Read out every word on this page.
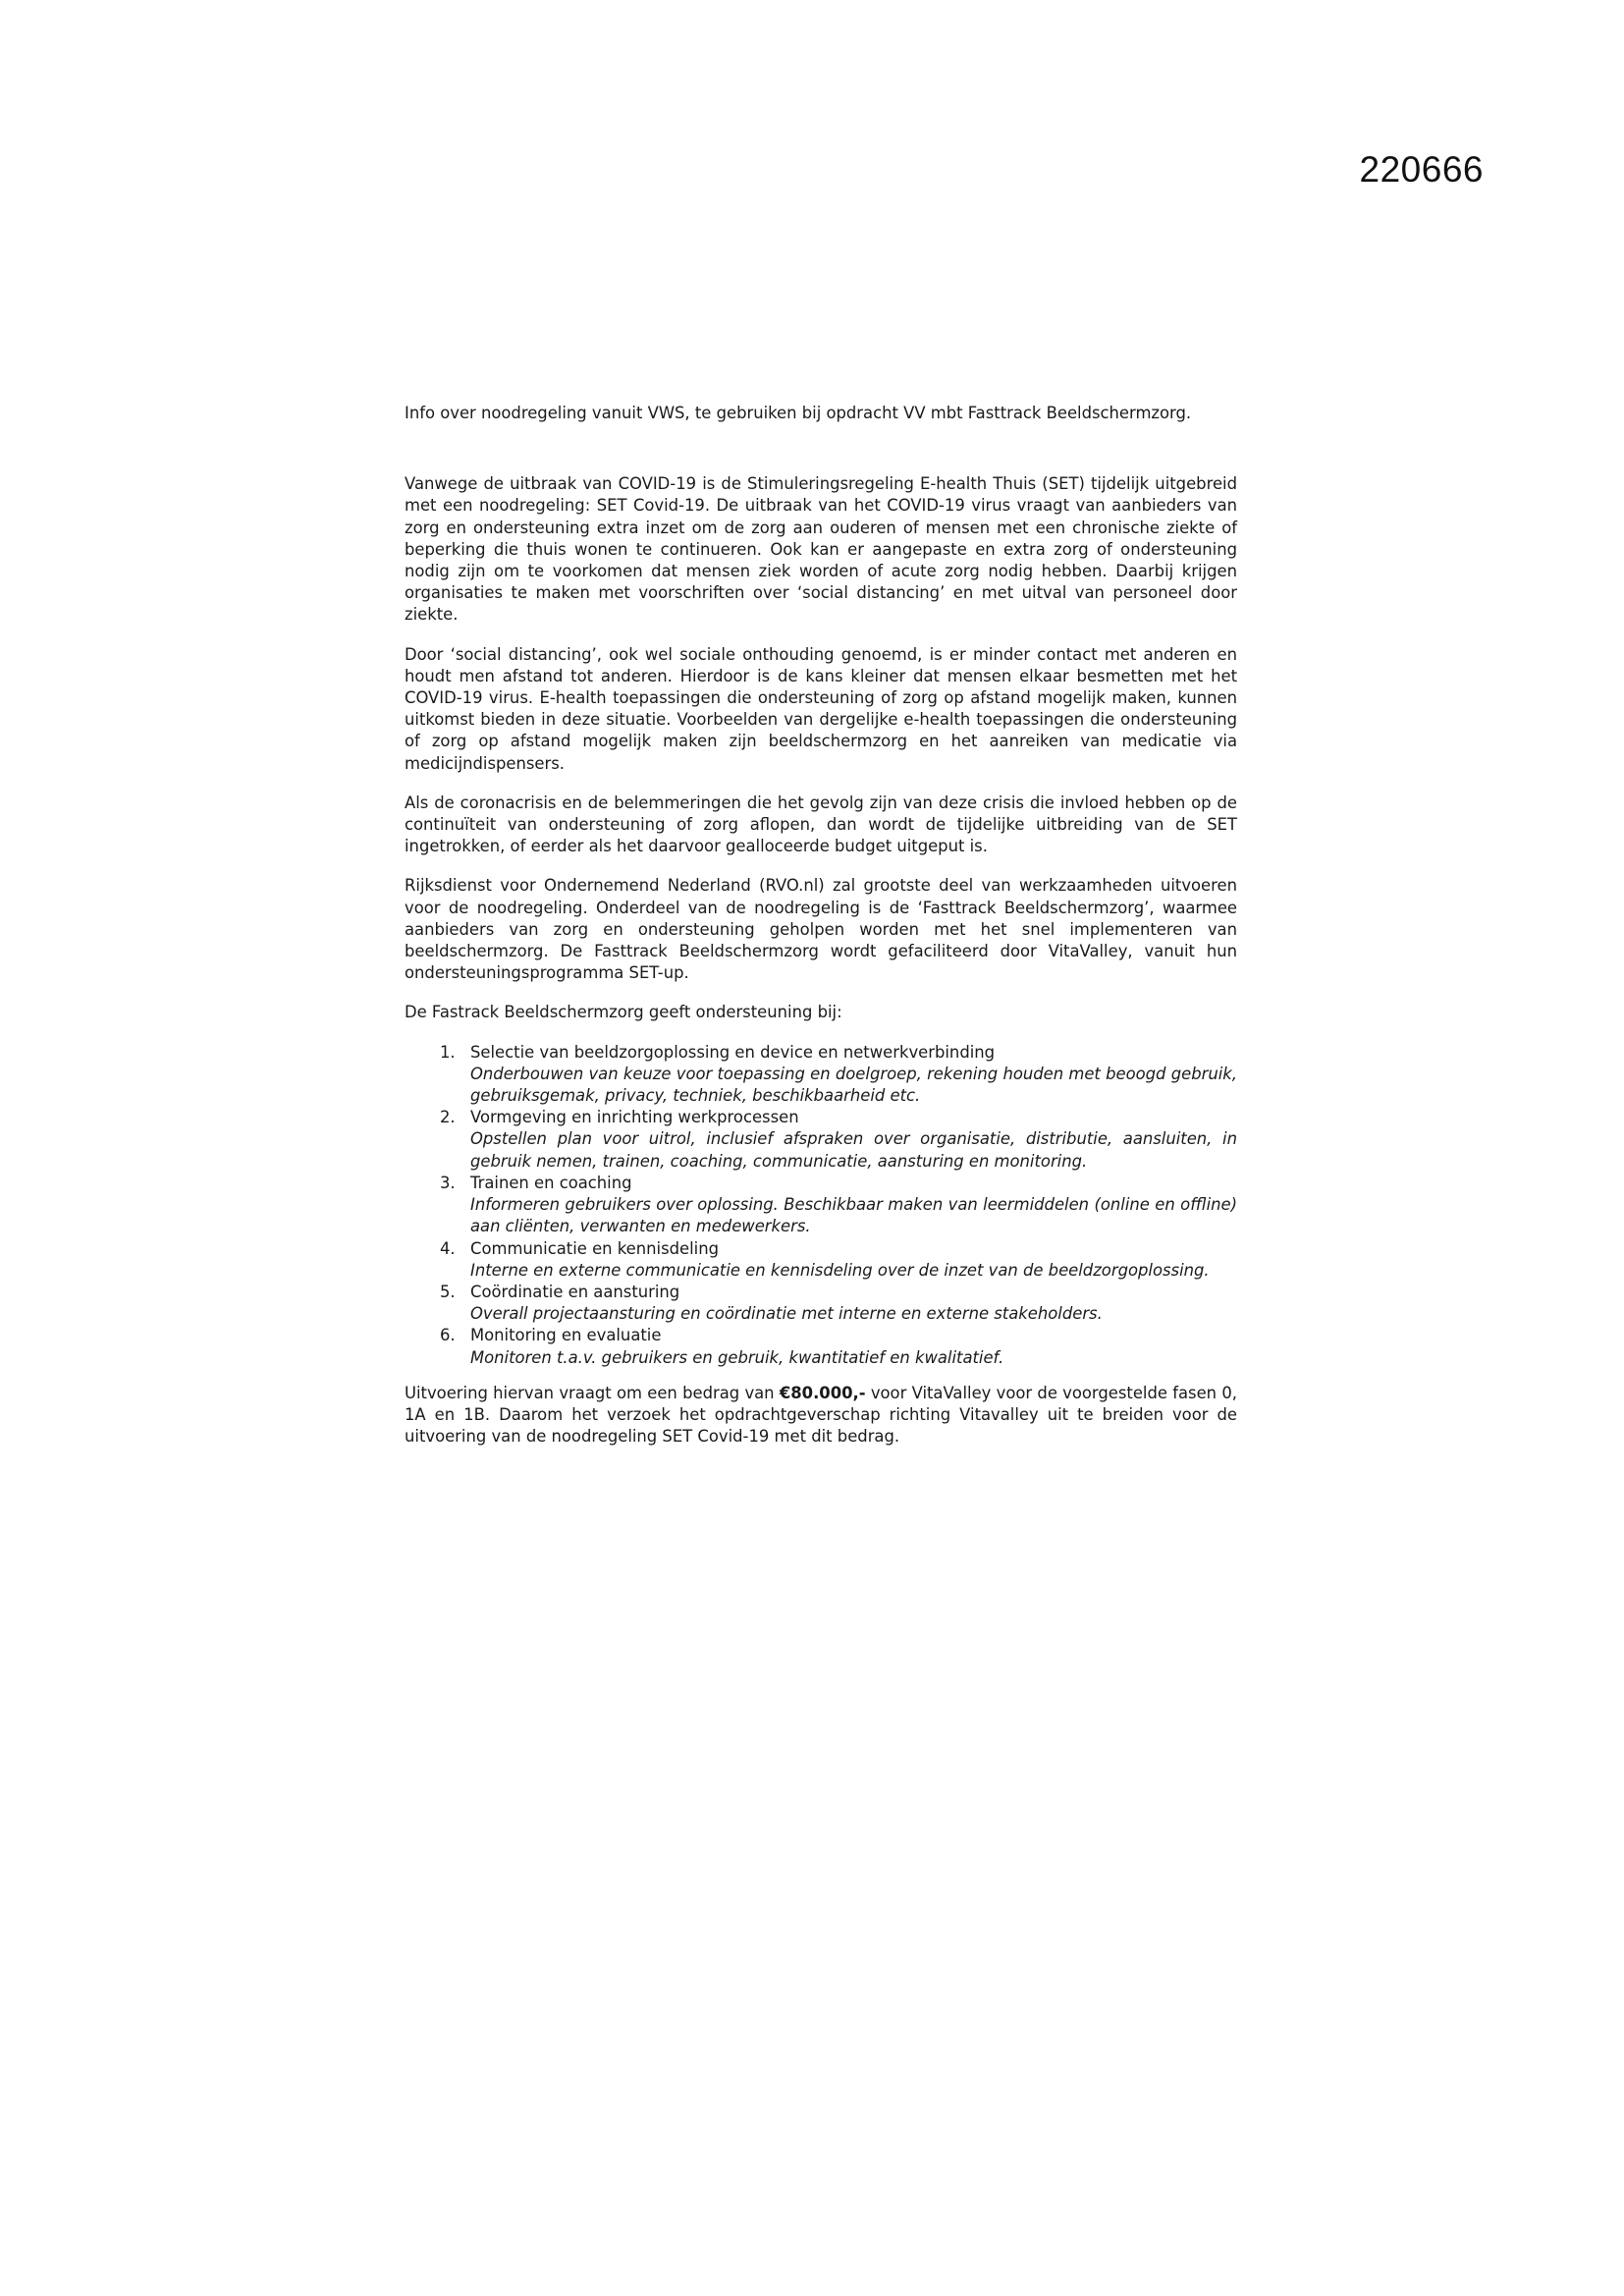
220666

Info over noodregeling vanuit VWS, te gebruiken bij opdracht VV mbt Fasttrack Beeldschermzorg.

Vanwege de uitbraak van COVID-19 is de Stimuleringsregeling E-health Thuis (SET) tijdelijk uitgebreid met een noodregeling: SET Covid-19. De uitbraak van het COVID-19 virus vraagt van aanbieders van zorg en ondersteuning extra inzet om de zorg aan ouderen of mensen met een chronische ziekte of beperking die thuis wonen te continueren. Ook kan er aangepaste en extra zorg of ondersteuning nodig zijn om te voorkomen dat mensen ziek worden of acute zorg nodig hebben. Daarbij krijgen organisaties te maken met voorschriften over ‘social distancing’ en met uitval van personeel door ziekte.

Door ‘social distancing’, ook wel sociale onthouding genoemd, is er minder contact met anderen en houdt men afstand tot anderen. Hierdoor is de kans kleiner dat mensen elkaar besmetten met het COVID-19 virus. E-health toepassingen die ondersteuning of zorg op afstand mogelijk maken, kunnen uitkomst bieden in deze situatie. Voorbeelden van dergelijke e-health toepassingen die ondersteuning of zorg op afstand mogelijk maken zijn beeldschermzorg en het aanreiken van medicatie via medicijndispensers.

Als de coronacrisis en de belemmeringen die het gevolg zijn van deze crisis die invloed hebben op de continuïteit van ondersteuning of zorg aflopen, dan wordt de tijdelijke uitbreiding van de SET ingetrokken, of eerder als het daarvoor gealloceerde budget uitgeput is.

Rijksdienst voor Ondernemend Nederland (RVO.nl) zal grootste deel van werkzaamheden uitvoeren voor de noodregeling. Onderdeel van de noodregeling is de ‘Fasttrack Beeldschermzorg’, waarmee aanbieders van zorg en ondersteuning geholpen worden met het snel implementeren van beeldschermzorg. De Fasttrack Beeldschermzorg wordt gefaciliteerd door VitaValley, vanuit hun ondersteuningsprogramma SET-up.

De Fastrack Beeldschermzorg geeft ondersteuning bij:

1. Selectie van beeldzorgoplossing en device en netwerkverbinding
Onderbouwen van keuze voor toepassing en doelgroep, rekening houden met beoogd gebruik, gebruiksgemak, privacy, techniek, beschikbaarheid etc.
2. Vormgeving en inrichting werkprocessen
Opstellen plan voor uitrol, inclusief afspraken over organisatie, distributie, aansluiten, in gebruik nemen, trainen, coaching, communicatie, aansturing en monitoring.
3. Trainen en coaching
Informeren gebruikers over oplossing. Beschikbaar maken van leermiddelen (online en offline) aan cliënten, verwanten en medewerkers.
4. Communicatie en kennisdeling
Interne en externe communicatie en kennisdeling over de inzet van de beeldzorgoplossing.
5. Coördinatie en aansturing
Overall projectaansturing en coördinatie met interne en externe stakeholders.
6. Monitoring en evaluatie
Monitoren t.a.v. gebruikers en gebruik, kwantitatief en kwalitatief.

Uitvoering hiervan vraagt om een bedrag van €80.000,- voor VitaValley voor de voorgestelde fasen 0, 1A en 1B. Daarom het verzoek het opdrachtgeverschap richting Vitavalley uit te breiden voor de uitvoering van de noodregeling SET Covid-19 met dit bedrag.
